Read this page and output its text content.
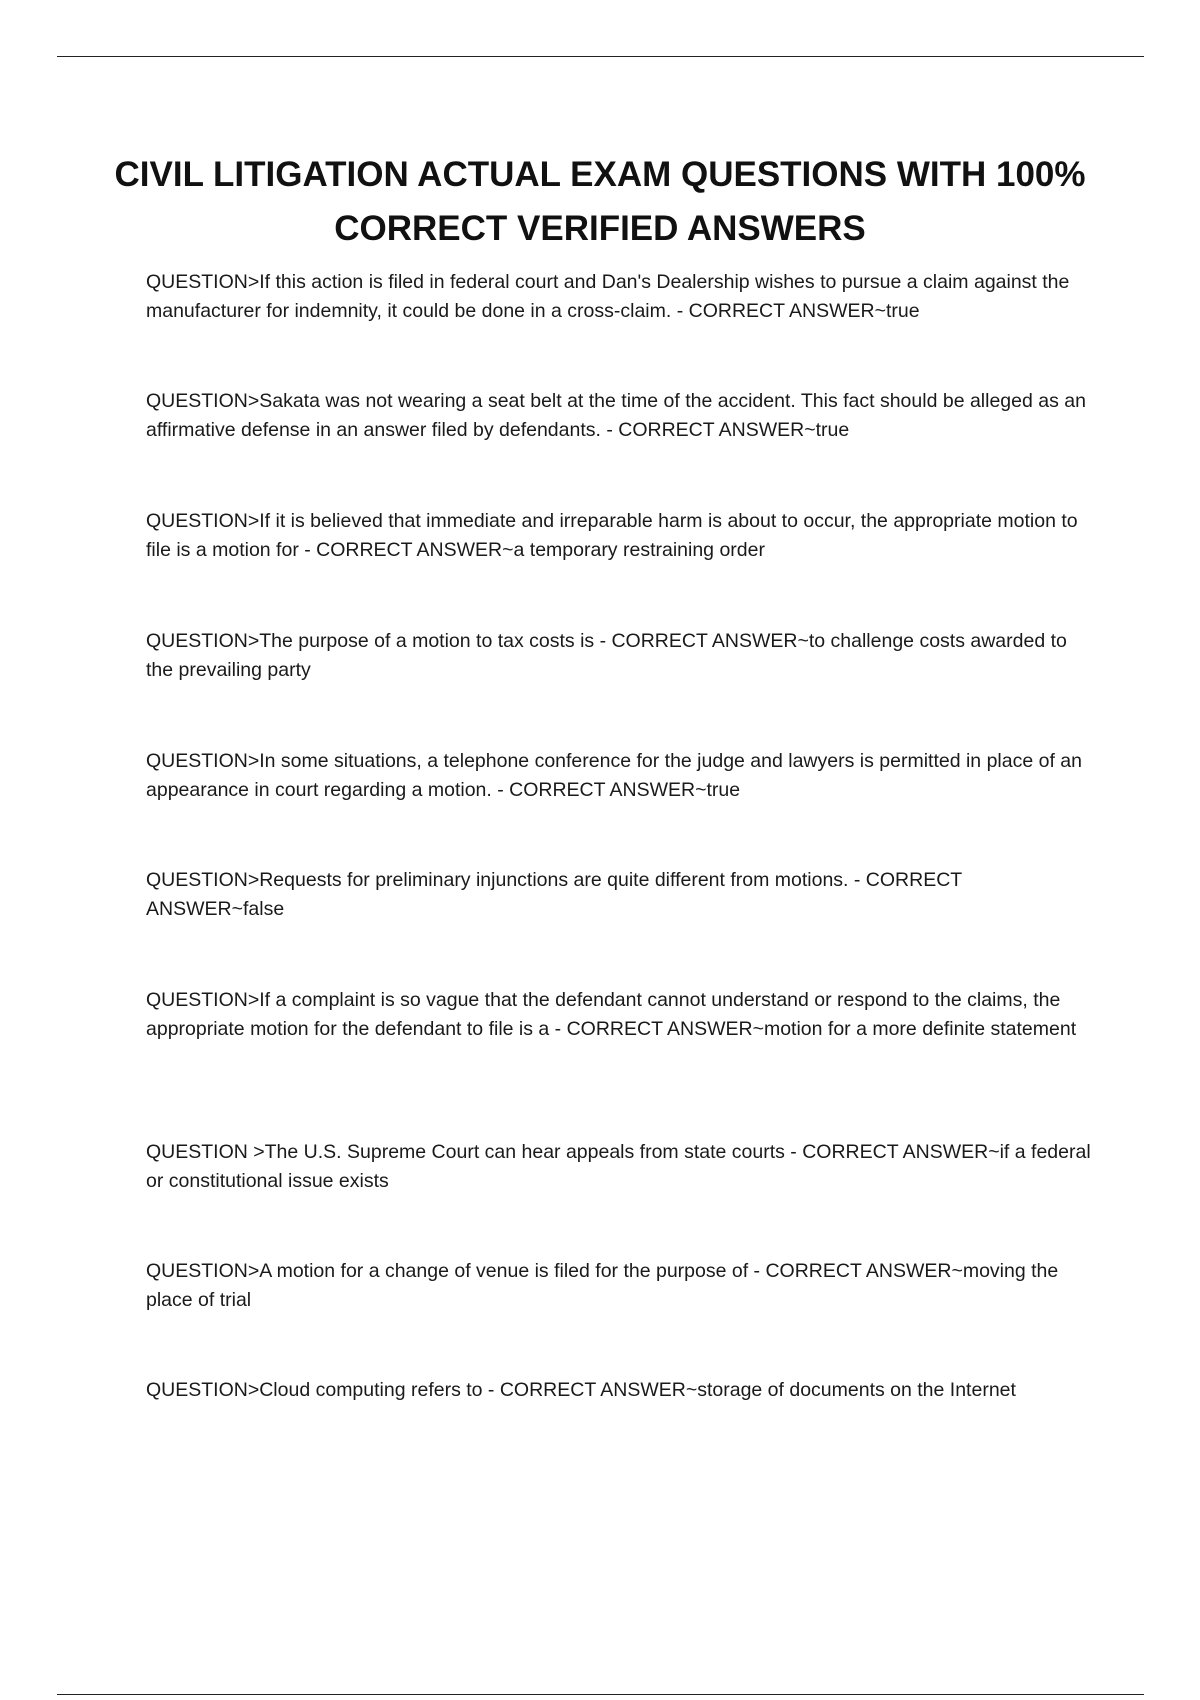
CIVIL LITIGATION ACTUAL EXAM QUESTIONS WITH 100% CORRECT VERIFIED ANSWERS

QUESTION>If this action is filed in federal court and Dan's Dealership wishes to pursue a claim against the manufacturer for indemnity, it could be done in a cross-claim. - CORRECT ANSWER~true

QUESTION>Sakata was not wearing a seat belt at the time of the accident. This fact should be alleged as an affirmative defense in an answer filed by defendants. - CORRECT ANSWER~true

QUESTION>If it is believed that immediate and irreparable harm is about to occur, the appropriate motion to file is a motion for - CORRECT ANSWER~a temporary restraining order

QUESTION>The purpose of a motion to tax costs is - CORRECT ANSWER~to challenge costs awarded to the prevailing party

QUESTION>In some situations, a telephone conference for the judge and lawyers is permitted in place of an appearance in court regarding a motion. - CORRECT ANSWER~true

QUESTION>Requests for preliminary injunctions are quite different from motions. - CORRECT ANSWER~false

QUESTION>If a complaint is so vague that the defendant cannot understand or respond to the claims, the appropriate motion for the defendant to file is a - CORRECT ANSWER~motion for a more definite statement

QUESTION >The U.S. Supreme Court can hear appeals from state courts - CORRECT ANSWER~if a federal or constitutional issue exists

QUESTION>A motion for a change of venue is filed for the purpose of - CORRECT ANSWER~moving the place of trial

QUESTION>Cloud computing refers to - CORRECT ANSWER~storage of documents on the Internet
